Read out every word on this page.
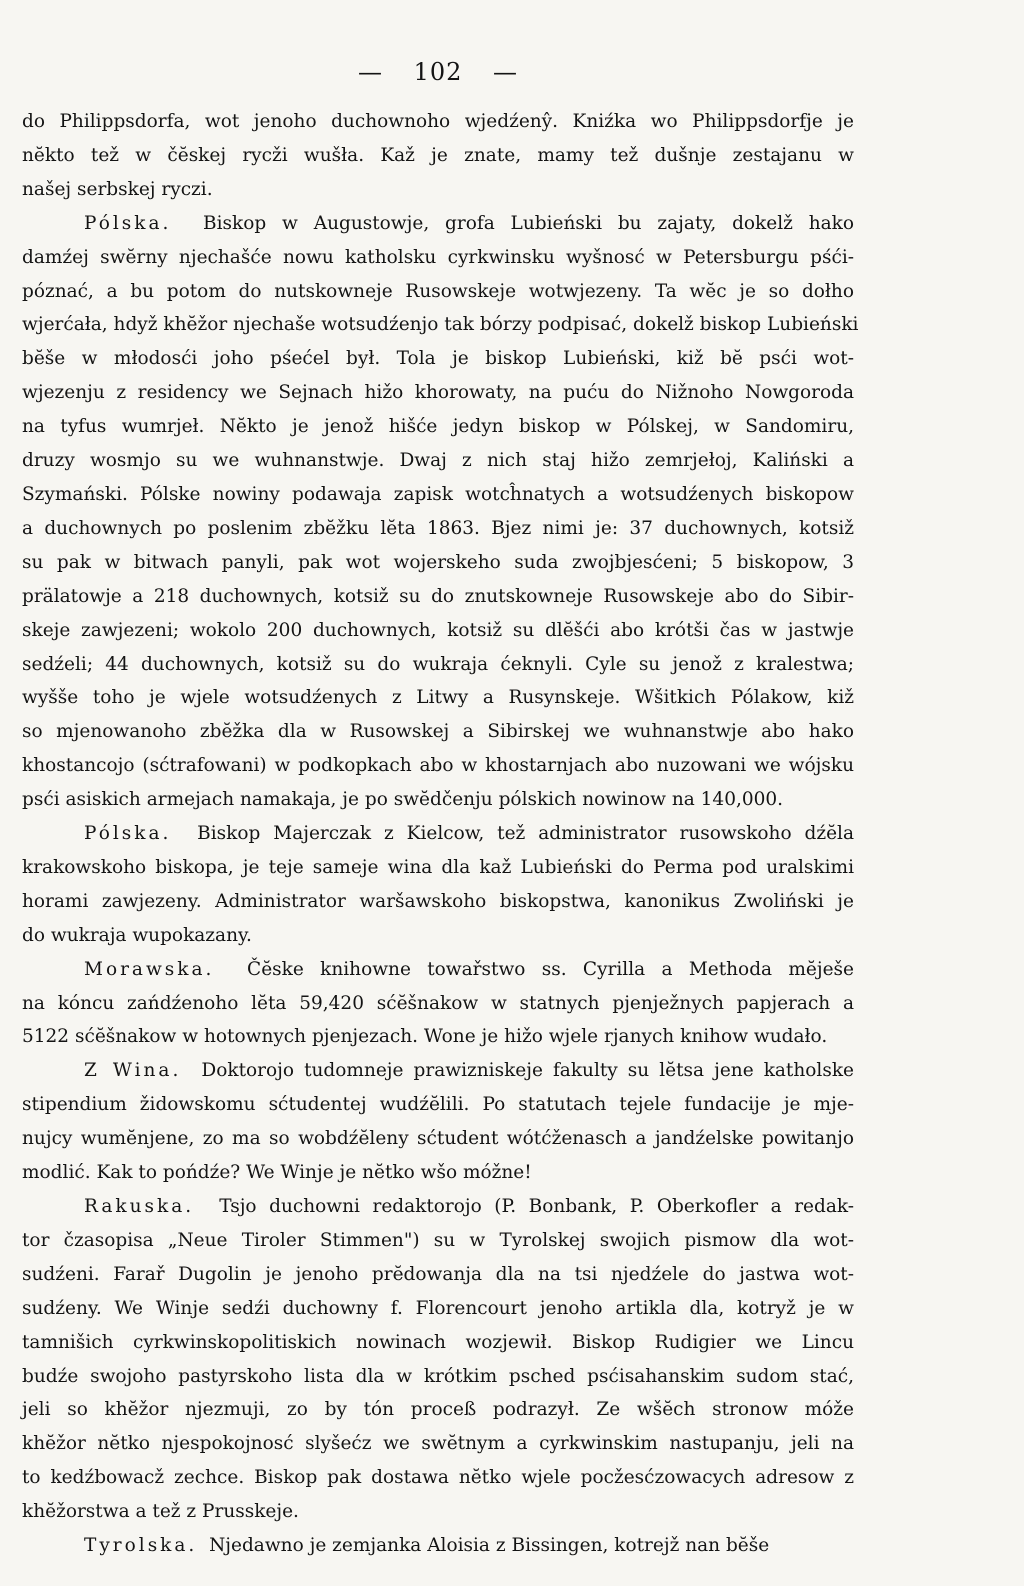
— 102 —
do Philippsdorfa, wot jenoho duchownoho wjedźenŷ. Kniźka wo Philippsdorfje je
nĕkto tež w čĕskej rycži wušła. Kaž je znate, mamy tež dušnje zestajanu w
našej serbskej ryczi.
Pólska. Biskop w Augustowje, grofa Lubieński bu zajaty, dokelž hako
damźej swĕrny njechašće nowu katholsku cyrkwinsku wyšnosć w Petersburgu pśći-
póznać, a bu potom do nutskowneje Rusowskeje wotwjezeny. Ta wĕc je so dołho
wjerćała, hdyž khĕžor njechaše wotsudźenjo tak bórzy podpisać, dokelž biskop Lubieński
bĕše w młodosći joho pśećel był. Tola je biskop Lubieński, kiž bĕ psći wot-
wjezenju z residency we Sejnach hižo khorowaty, na puću do Nižnoho Nowgoroda
na tyfus wumrjeł. Nĕkto je jenož hišće jedyn biskop w Pólskej, w Sandomiru,
druzy wosmjo su we wuhnanstwje. Dwaj z nich staj hižo zemrjełoj, Kaliński a
Szymański. Pólske nowiny podawaja zapisk wotcĥnatych a wotsudźenych biskopow
a duchownych po poslenim zbĕžku lĕta 1863. Bjez nimi je: 37 duchownych, kotsiž
su pak w bitwach panyli, pak wot wojerskeho suda zwojbjesćeni; 5 biskopow, 3
prälatowje a 218 duchownych, kotsiž su do znutskowneje Rusowskeje abo do Sibir-
skeje zawjezeni; wokolo 200 duchownych, kotsiž su dlĕšći abo krótši čas w jastwje
sedźeli; 44 duchownych, kotsiž su do wukraja ćeknyli. Cyle su jenož z kralestwa;
wyšše toho je wjele wotsudźenych z Litwy a Rusynskeje. Wšitkich Pólakow, kiž
so mjenowanoho zbĕžka dla w Rusowskej a Sibirskej we wuhnanstwje abo hako
khostancojo (sćtrafowani) w podkopkach abo w khostarnjach abo nuzowani we wójsku
psći asiskich armejach namakaja, je po swĕdčenju pólskich nowinow na 140,000.
Pólska. Biskop Majerczak z Kielcow, tež administrator rusowskoho dźĕla
krakowskoho biskopa, je teje sameje wina dla kaž Lubieński do Perma pod uralskimi
horami zawjezeny. Administrator waršawskoho biskopstwa, kanonikus Zwoliński je
do wukraja wupokazany.
Morawska. Čĕske knihowne towařstwo ss. Cyrilla a Methoda mĕješe
na kóncu zańdźenoho lĕta 59,420 sćĕšnakow w statnych pjenježnych papjerach a
5122 sćĕšnakow w hotownych pjenjezach. Wone je hižo wjele rjanych knihow wudało.
Z Wina. Doktorojo tudomneje prawizniskeje fakulty su lĕtsa jene katholske
stipendium židowskomu sćtudentej wudźĕlili. Po statutach tejele fundacije je mje-
nujcy wumĕnjene, zo ma so wobdźĕleny sćtudent wótćženasch a jandźelske powitanjo
modlić. Kak to pońdźe? We Winje je nĕtko wšo móžne!
Rakuska. Tsjo duchowni redaktorojo (P. Bonbank, P. Oberkofler a redak-
tor čzasopisa „Neue Tiroler Stimmen") su w Tyrolskej swojich pismow dla wot-
sudźeni. Farař Dugolin je jenoho prĕdowanja dla na tsi njedźele do jastwa wot-
sudźeny. We Winje sedźi duchowny f. Florencourt jenoho artikla dla, kotryž je w
tamnišich cyrkwinskopolitiskich nowinach wozjewił. Biskop Rudigier we Lincu
budźe swojoho pastyrskoho lista dla w krótkim psched psćisahanskim sudom stać,
jeli so khĕžor njezmuji, zo by tón proceß podrazył. Ze wšĕch stronow móže
khĕžor nĕtko njespokojnosć slyšećz we swĕtnym a cyrkwinskim nastupanju, jeli na
to kedźbowacž zechce. Biskop pak dostawa nĕtko wjele pocžesćzowacych adresow z
khĕžorstwa a tež z Prusskeje.
Tyrolska. Njedawno je zemjanka Aloisia z Bissingen, kotrejž nan bĕše
